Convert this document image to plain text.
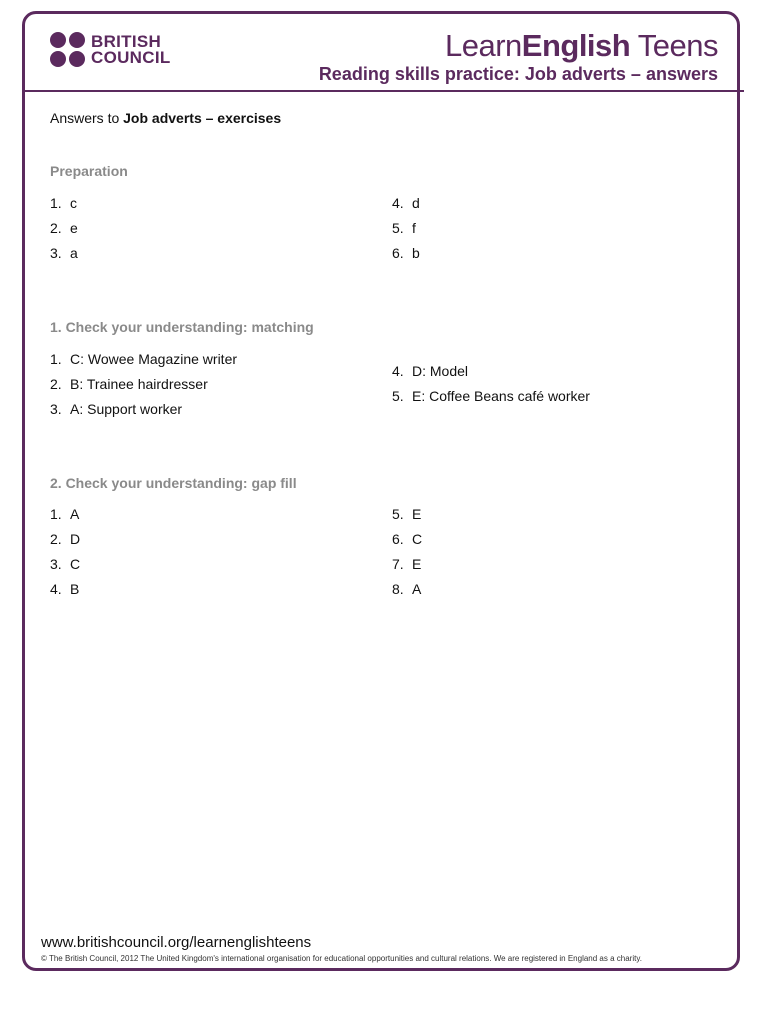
BRITISH
COUNCIL	LearnEnglish Teens
Reading skills practice: Job adverts – answers
Answers to Job adverts – exercises
Preparation
1. c
2. e
3. a
4. d
5. f
6. b
1. Check your understanding: matching
1. C: Wowee Magazine writer
2. B: Trainee hairdresser
3. A: Support worker
4. D: Model
5. E: Coffee Beans café worker
2. Check your understanding: gap fill
1. A
2. D
3. C
4. B
5. E
6. C
7. E
8. A
www.britishcouncil.org/learnenglishteens
© The British Council, 2012 The United Kingdom's international organisation for educational opportunities and cultural relations. We are registered in England as a charity.
